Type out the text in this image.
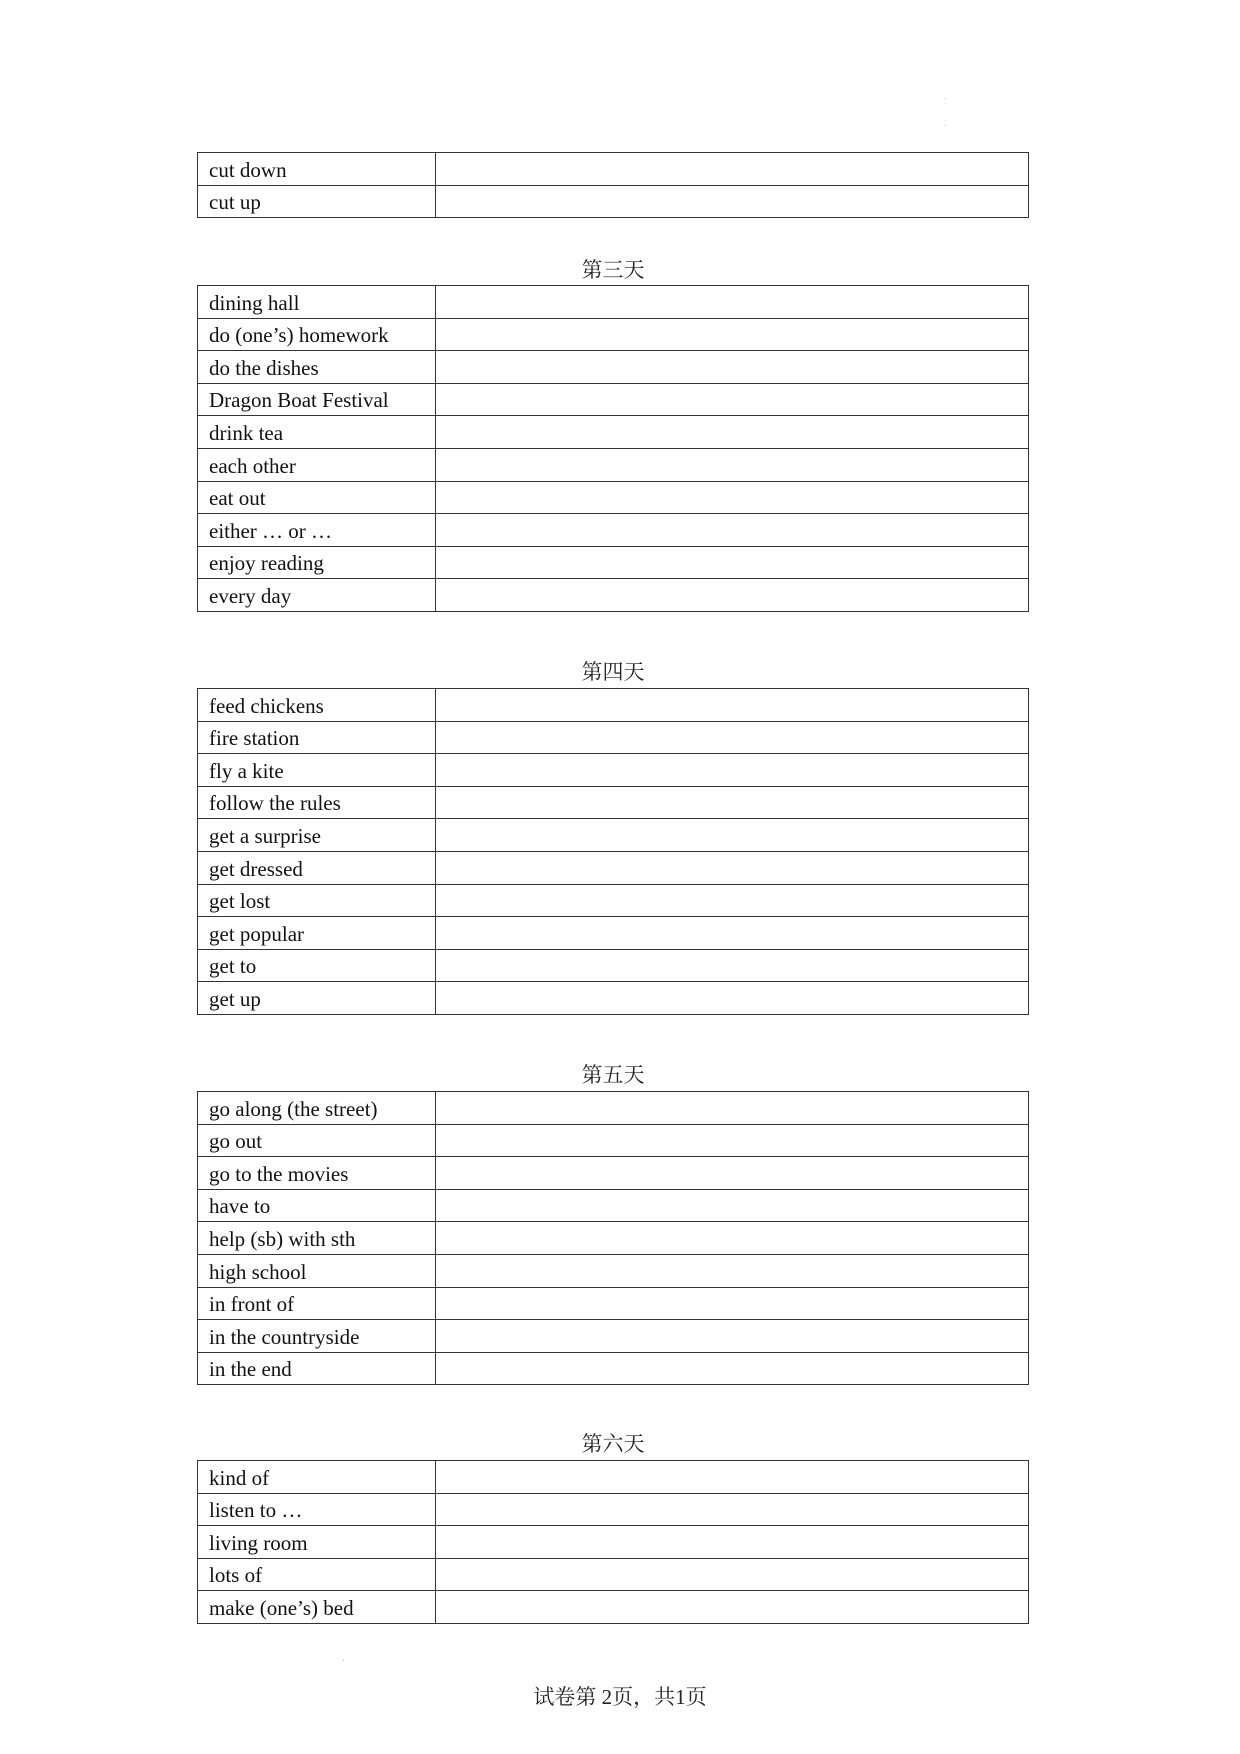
cut down	
cut up	
第三天
dining hall	
do (one’s) homework	
do the dishes	
Dragon Boat Festival	
drink tea	
each other	
eat out	
either … or …	
enjoy reading	
every day	
第四天
feed chickens	
fire station	
fly a kite	
follow the rules	
get a surprise	
get dressed	
get lost	
get popular	
get to	
get up	
第五天
go along (the street)	
go out	
go to the movies	
have to	
help (sb) with sth	
high school	
in front of	
in the countryside	
in the end	
第六天
kind of	
listen to …	
living room	
lots of	
make (one’s) bed	
试卷第 2页，共1页
